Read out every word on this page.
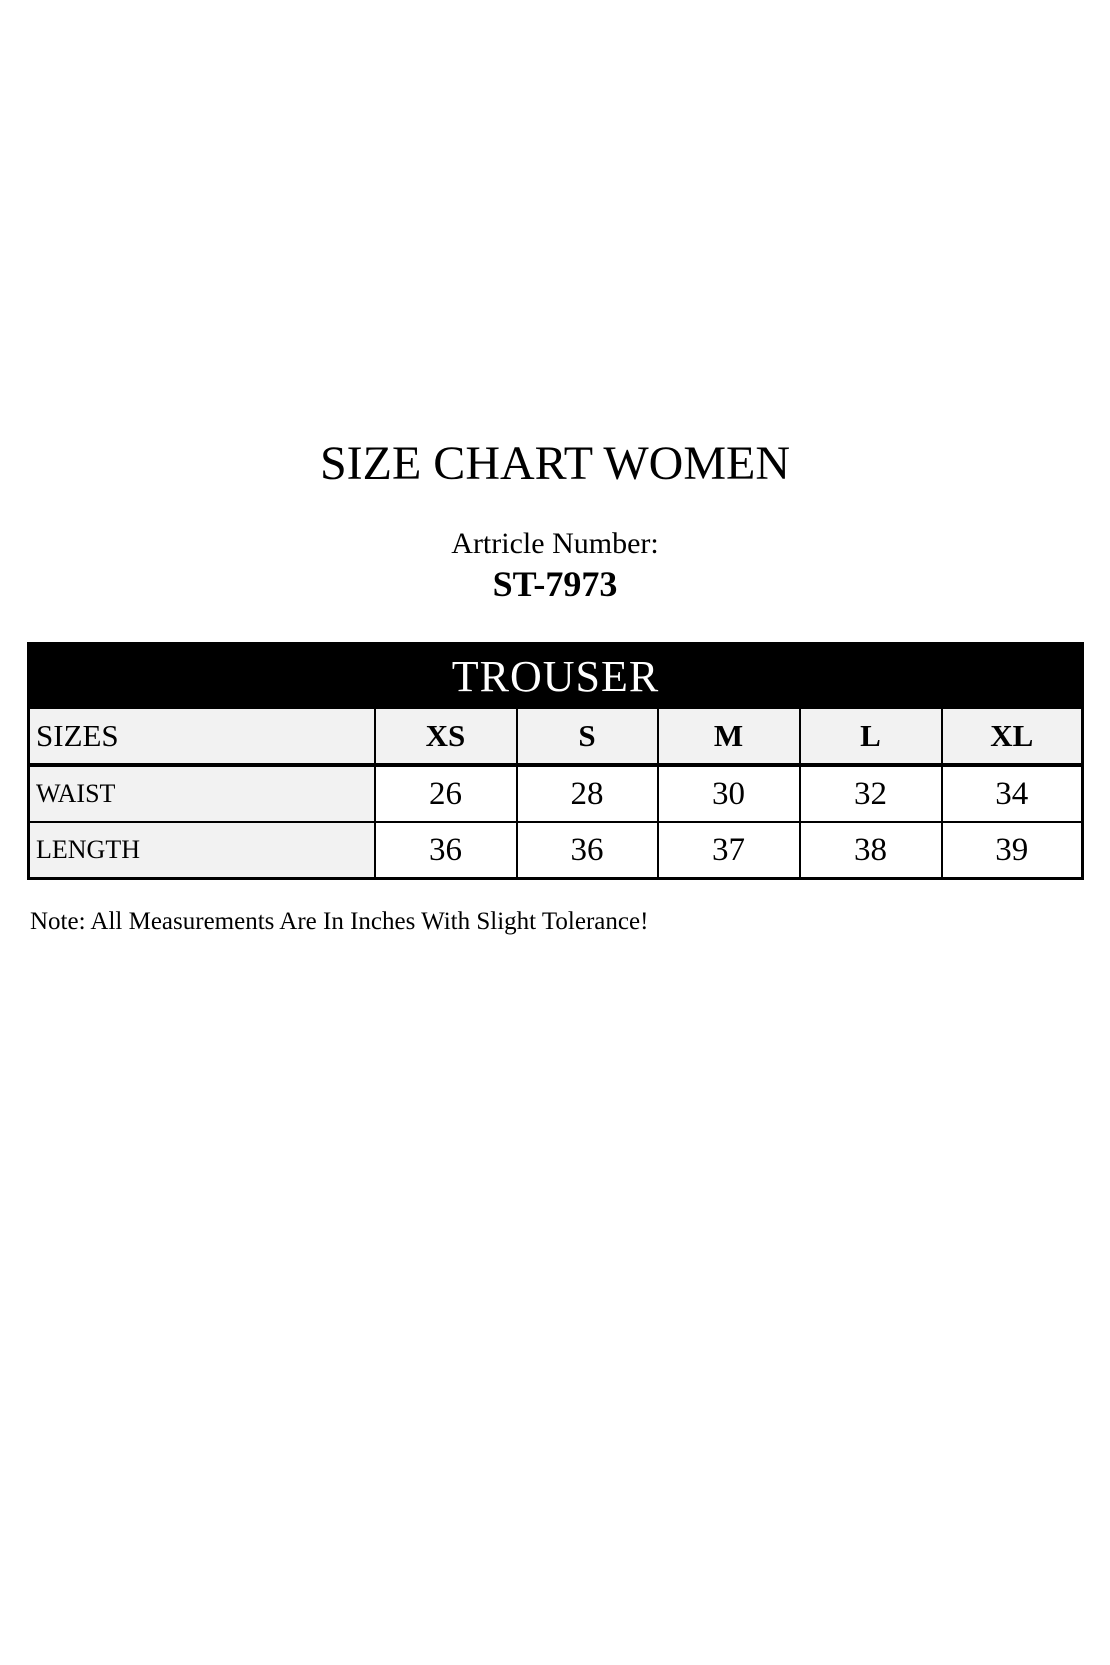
SIZE CHART WOMEN
Artricle Number:
ST-7973
TROUSER					
SIZES	XS	S	M	L	XL
WAIST	26	28	30	32	34
LENGTH	36	36	37	38	39
Note: All Measurements Are In Inches With Slight Tolerance!
